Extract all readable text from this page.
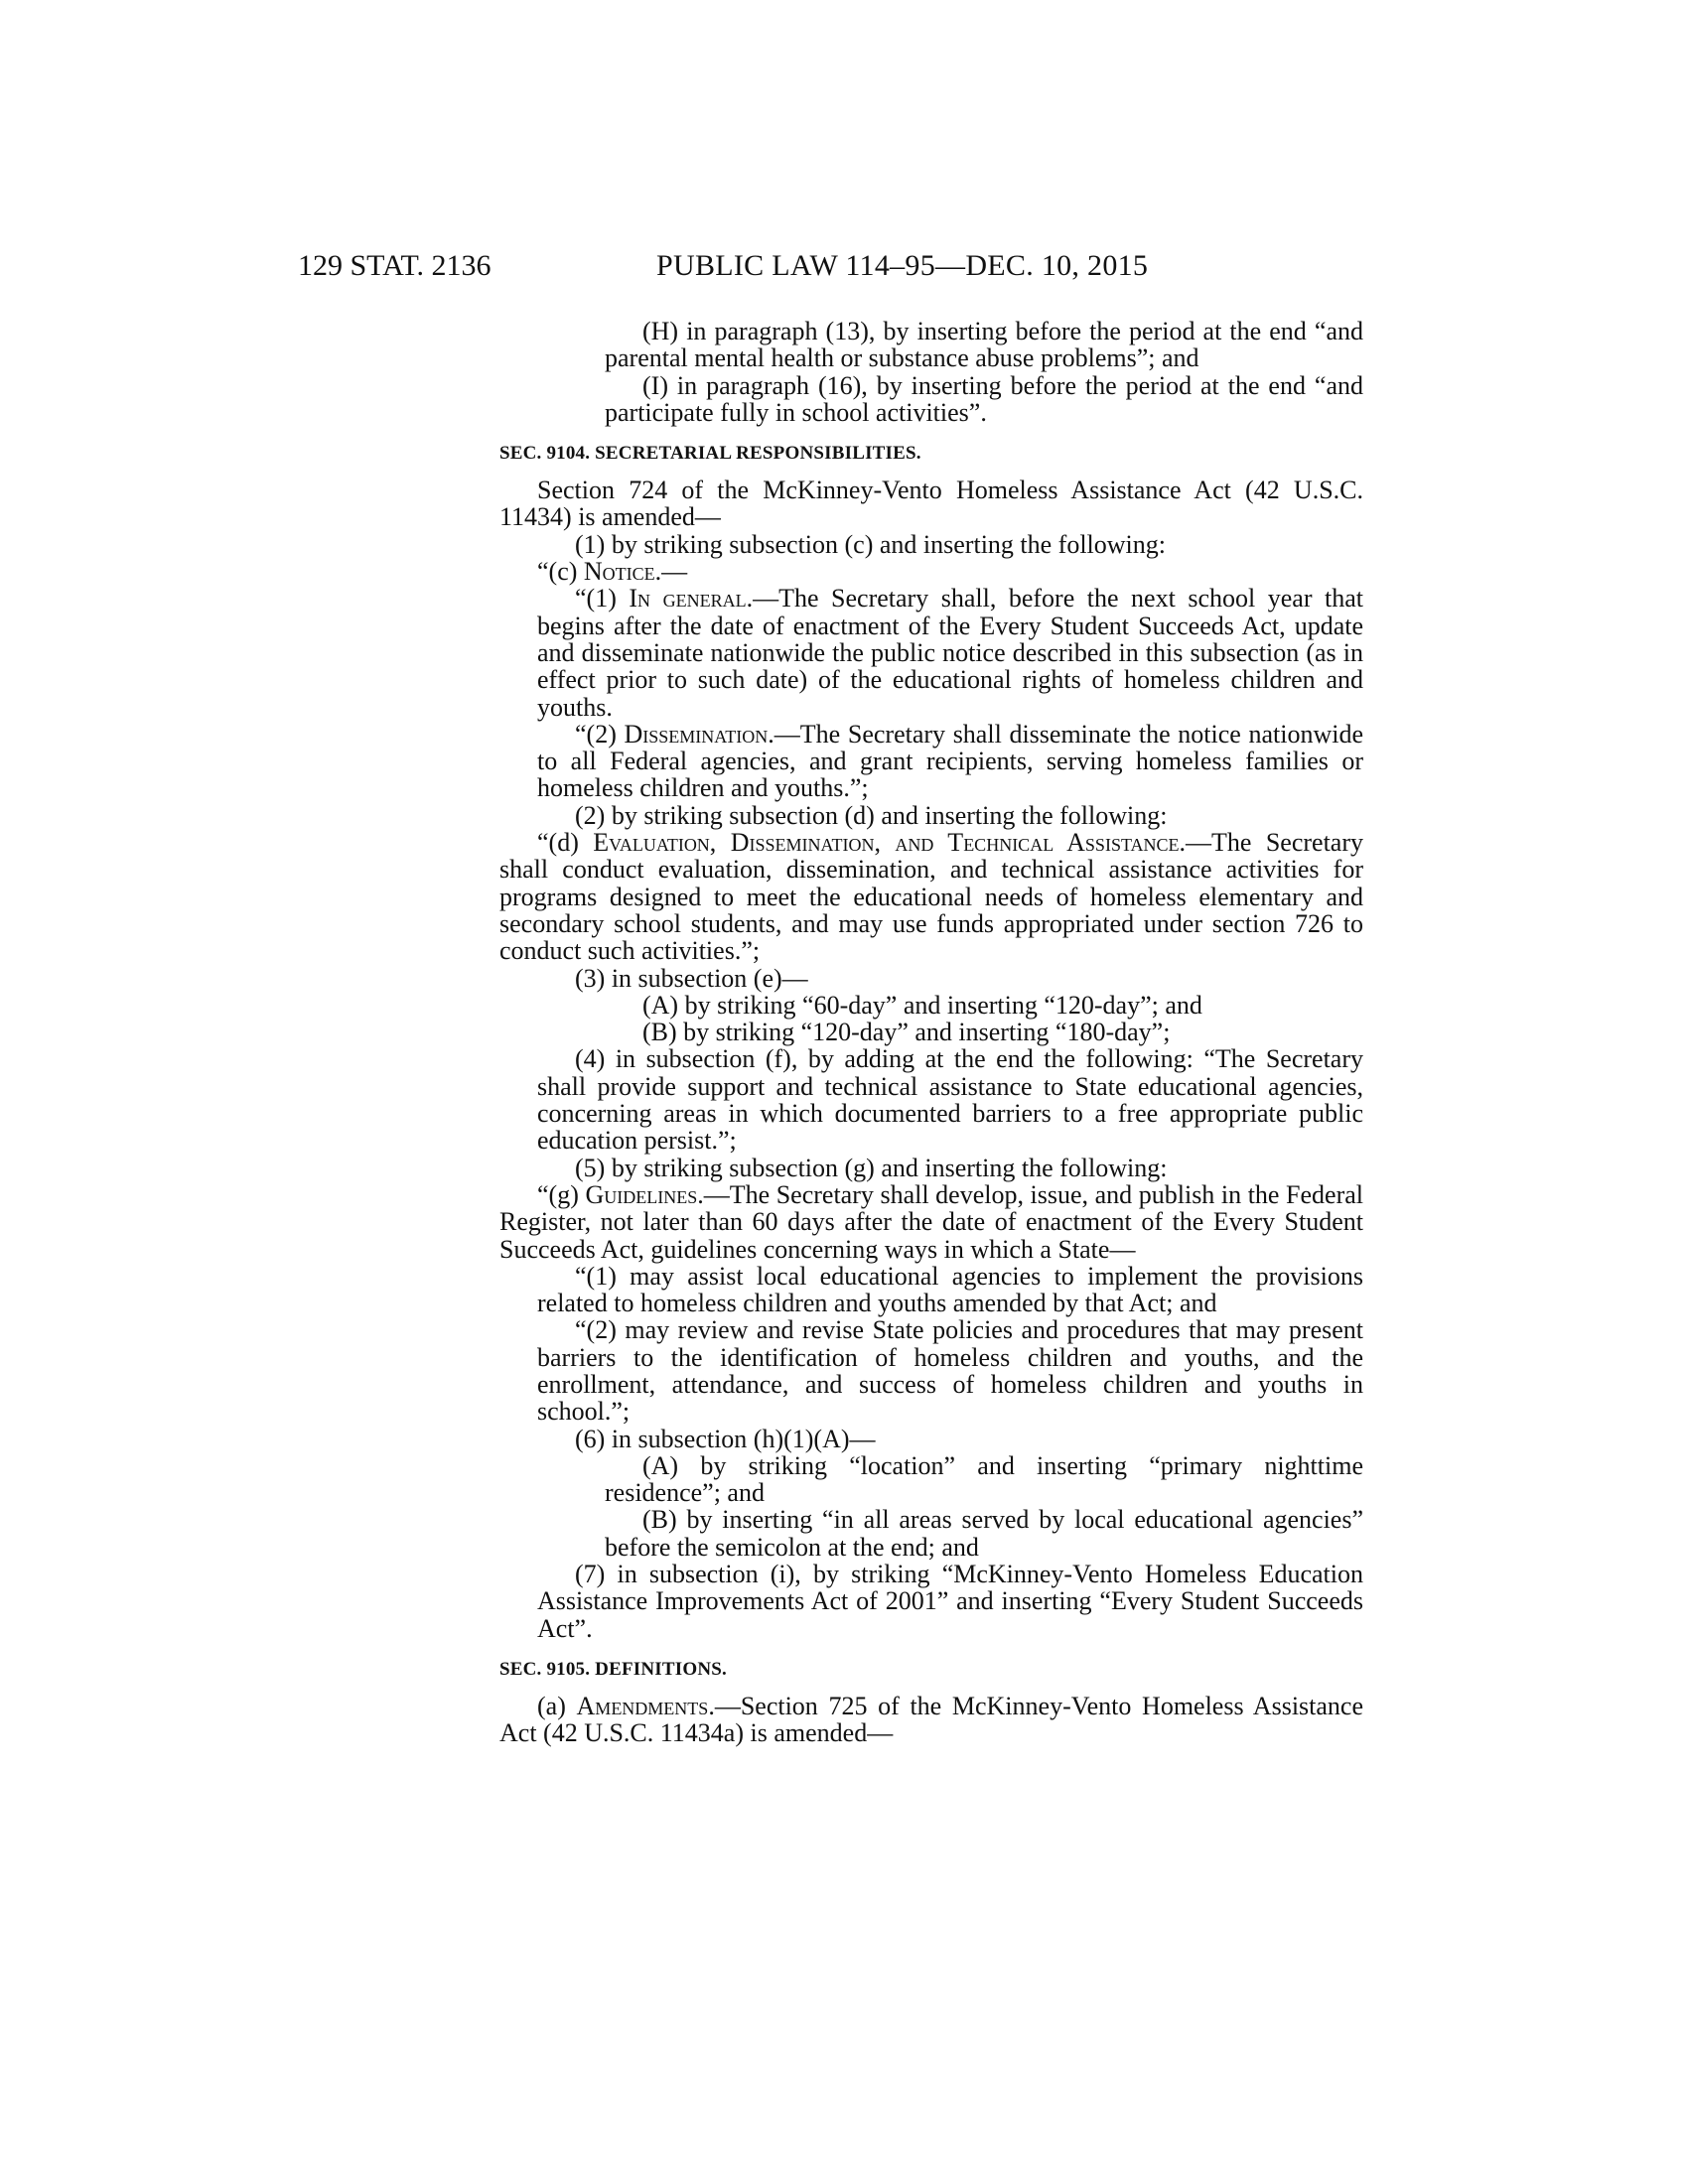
129 STAT. 2136	PUBLIC LAW 114–95—DEC. 10, 2015

(H) in paragraph (13), by inserting before the period at the end “and parental mental health or substance abuse problems”; and

(I) in paragraph (16), by inserting before the period at the end “and participate fully in school activities”.

SEC. 9104. SECRETARIAL RESPONSIBILITIES.

Section 724 of the McKinney-Vento Homeless Assistance Act (42 U.S.C. 11434) is amended—

(1) by striking subsection (c) and inserting the following:

“(c) Notice.—

“(1) In general.—The Secretary shall, before the next school year that begins after the date of enactment of the Every Student Succeeds Act, update and disseminate nationwide the public notice described in this subsection (as in effect prior to such date) of the educational rights of homeless children and youths.

“(2) Dissemination.—The Secretary shall disseminate the notice nationwide to all Federal agencies, and grant recipients, serving homeless families or homeless children and youths.”;

(2) by striking subsection (d) and inserting the following:

“(d) Evaluation, Dissemination, and Technical Assistance.—The Secretary shall conduct evaluation, dissemination, and technical assistance activities for programs designed to meet the educational needs of homeless elementary and secondary school students, and may use funds appropriated under section 726 to conduct such activities.”;

(3) in subsection (e)—

(A) by striking “60-day” and inserting “120-day”; and

(B) by striking “120-day” and inserting “180-day”;

(4) in subsection (f), by adding at the end the following: “The Secretary shall provide support and technical assistance to State educational agencies, concerning areas in which documented barriers to a free appropriate public education persist.”;

(5) by striking subsection (g) and inserting the following:

“(g) Guidelines.—The Secretary shall develop, issue, and publish in the Federal Register, not later than 60 days after the date of enactment of the Every Student Succeeds Act, guidelines concerning ways in which a State—

“(1) may assist local educational agencies to implement the provisions related to homeless children and youths amended by that Act; and

“(2) may review and revise State policies and procedures that may present barriers to the identification of homeless children and youths, and the enrollment, attendance, and success of homeless children and youths in school.”;

(6) in subsection (h)(1)(A)—

(A) by striking “location” and inserting “primary nighttime residence”; and

(B) by inserting “in all areas served by local educational agencies” before the semicolon at the end; and

(7) in subsection (i), by striking “McKinney-Vento Homeless Education Assistance Improvements Act of 2001” and inserting “Every Student Succeeds Act”.

SEC. 9105. DEFINITIONS.

(a) Amendments.—Section 725 of the McKinney-Vento Homeless Assistance Act (42 U.S.C. 11434a) is amended—
